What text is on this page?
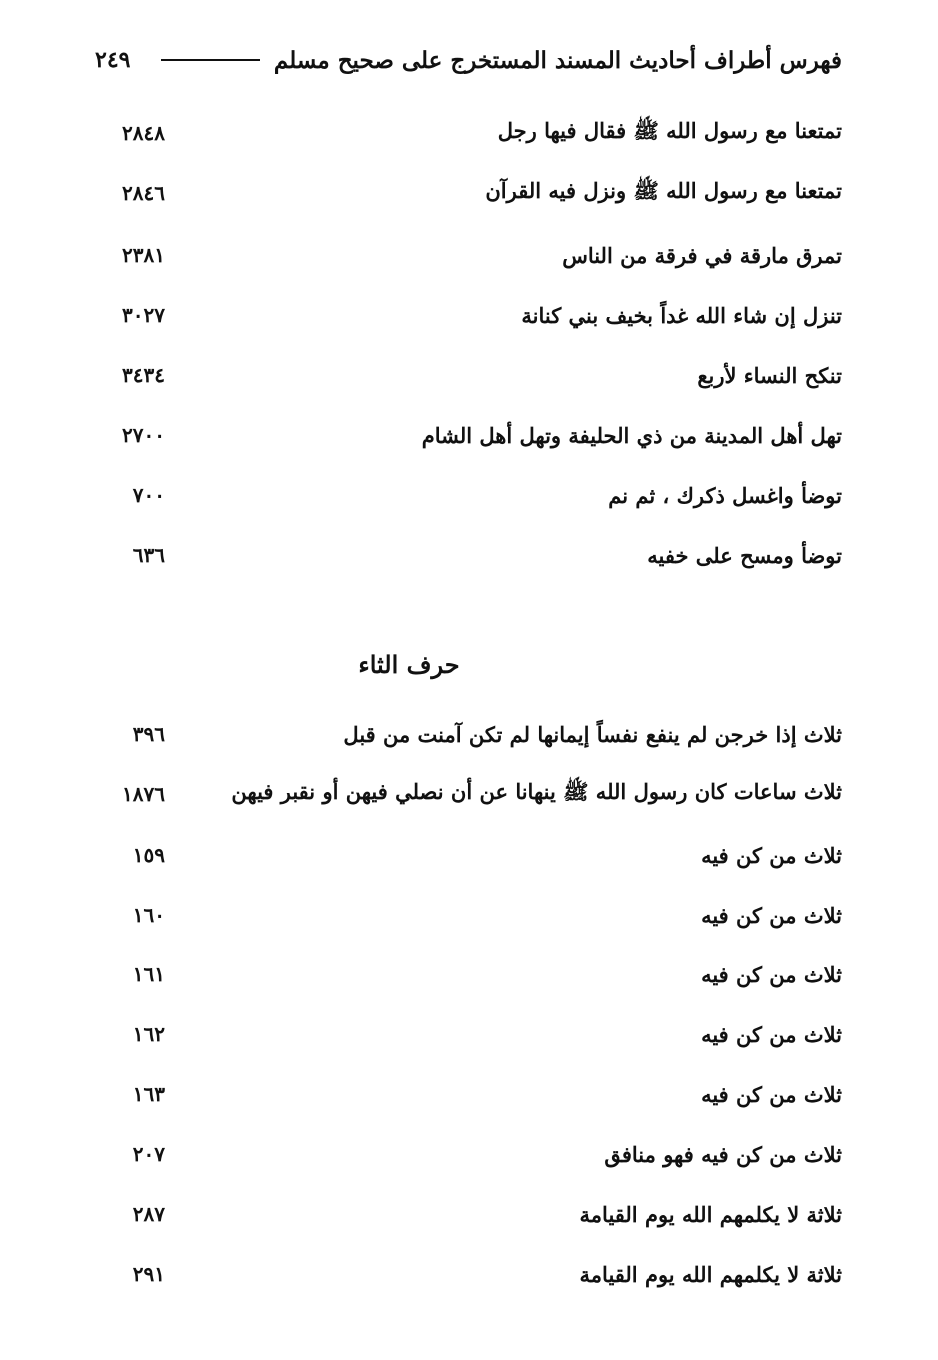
٢٤٩	فهرس أطراف أحاديث المسند المستخرج على صحيح مسلم
٢٨٤٨	تمتعنا مع رسول الله ﷺ فقال فيها رجل
٢٨٤٦	تمتعنا مع رسول الله ﷺ ونزل فيه القرآن
٢٣٨١	تمرق مارقة في فرقة من الناس
٣٠٢٧	تنزل إن شاء الله غداً بخيف بني كنانة
٣٤٣٤	تنكح النساء لأربع
٢٧٠٠	تهل أهل المدينة من ذي الحليفة وتهل أهل الشام
٧٠٠	توضأ واغسل ذكرك ، ثم نم
٦٣٦	توضأ ومسح على خفيه
حرف الثاء
٣٩٦	ثلاث إذا خرجن لم ينفع نفساً إيمانها لم تكن آمنت من قبل
١٨٧٦	ثلاث ساعات كان رسول الله ﷺ ينهانا عن أن نصلي فيهن أو نقبر فيهن
١٥٩	ثلاث من كن فيه
١٦٠	ثلاث من كن فيه
١٦١	ثلاث من كن فيه
١٦٢	ثلاث من كن فيه
١٦٣	ثلاث من كن فيه
٢٠٧	ثلاث من كن فيه فهو منافق
٢٨٧	ثلاثة لا يكلمهم الله يوم القيامة
٢٩١	ثلاثة لا يكلمهم الله يوم القيامة
